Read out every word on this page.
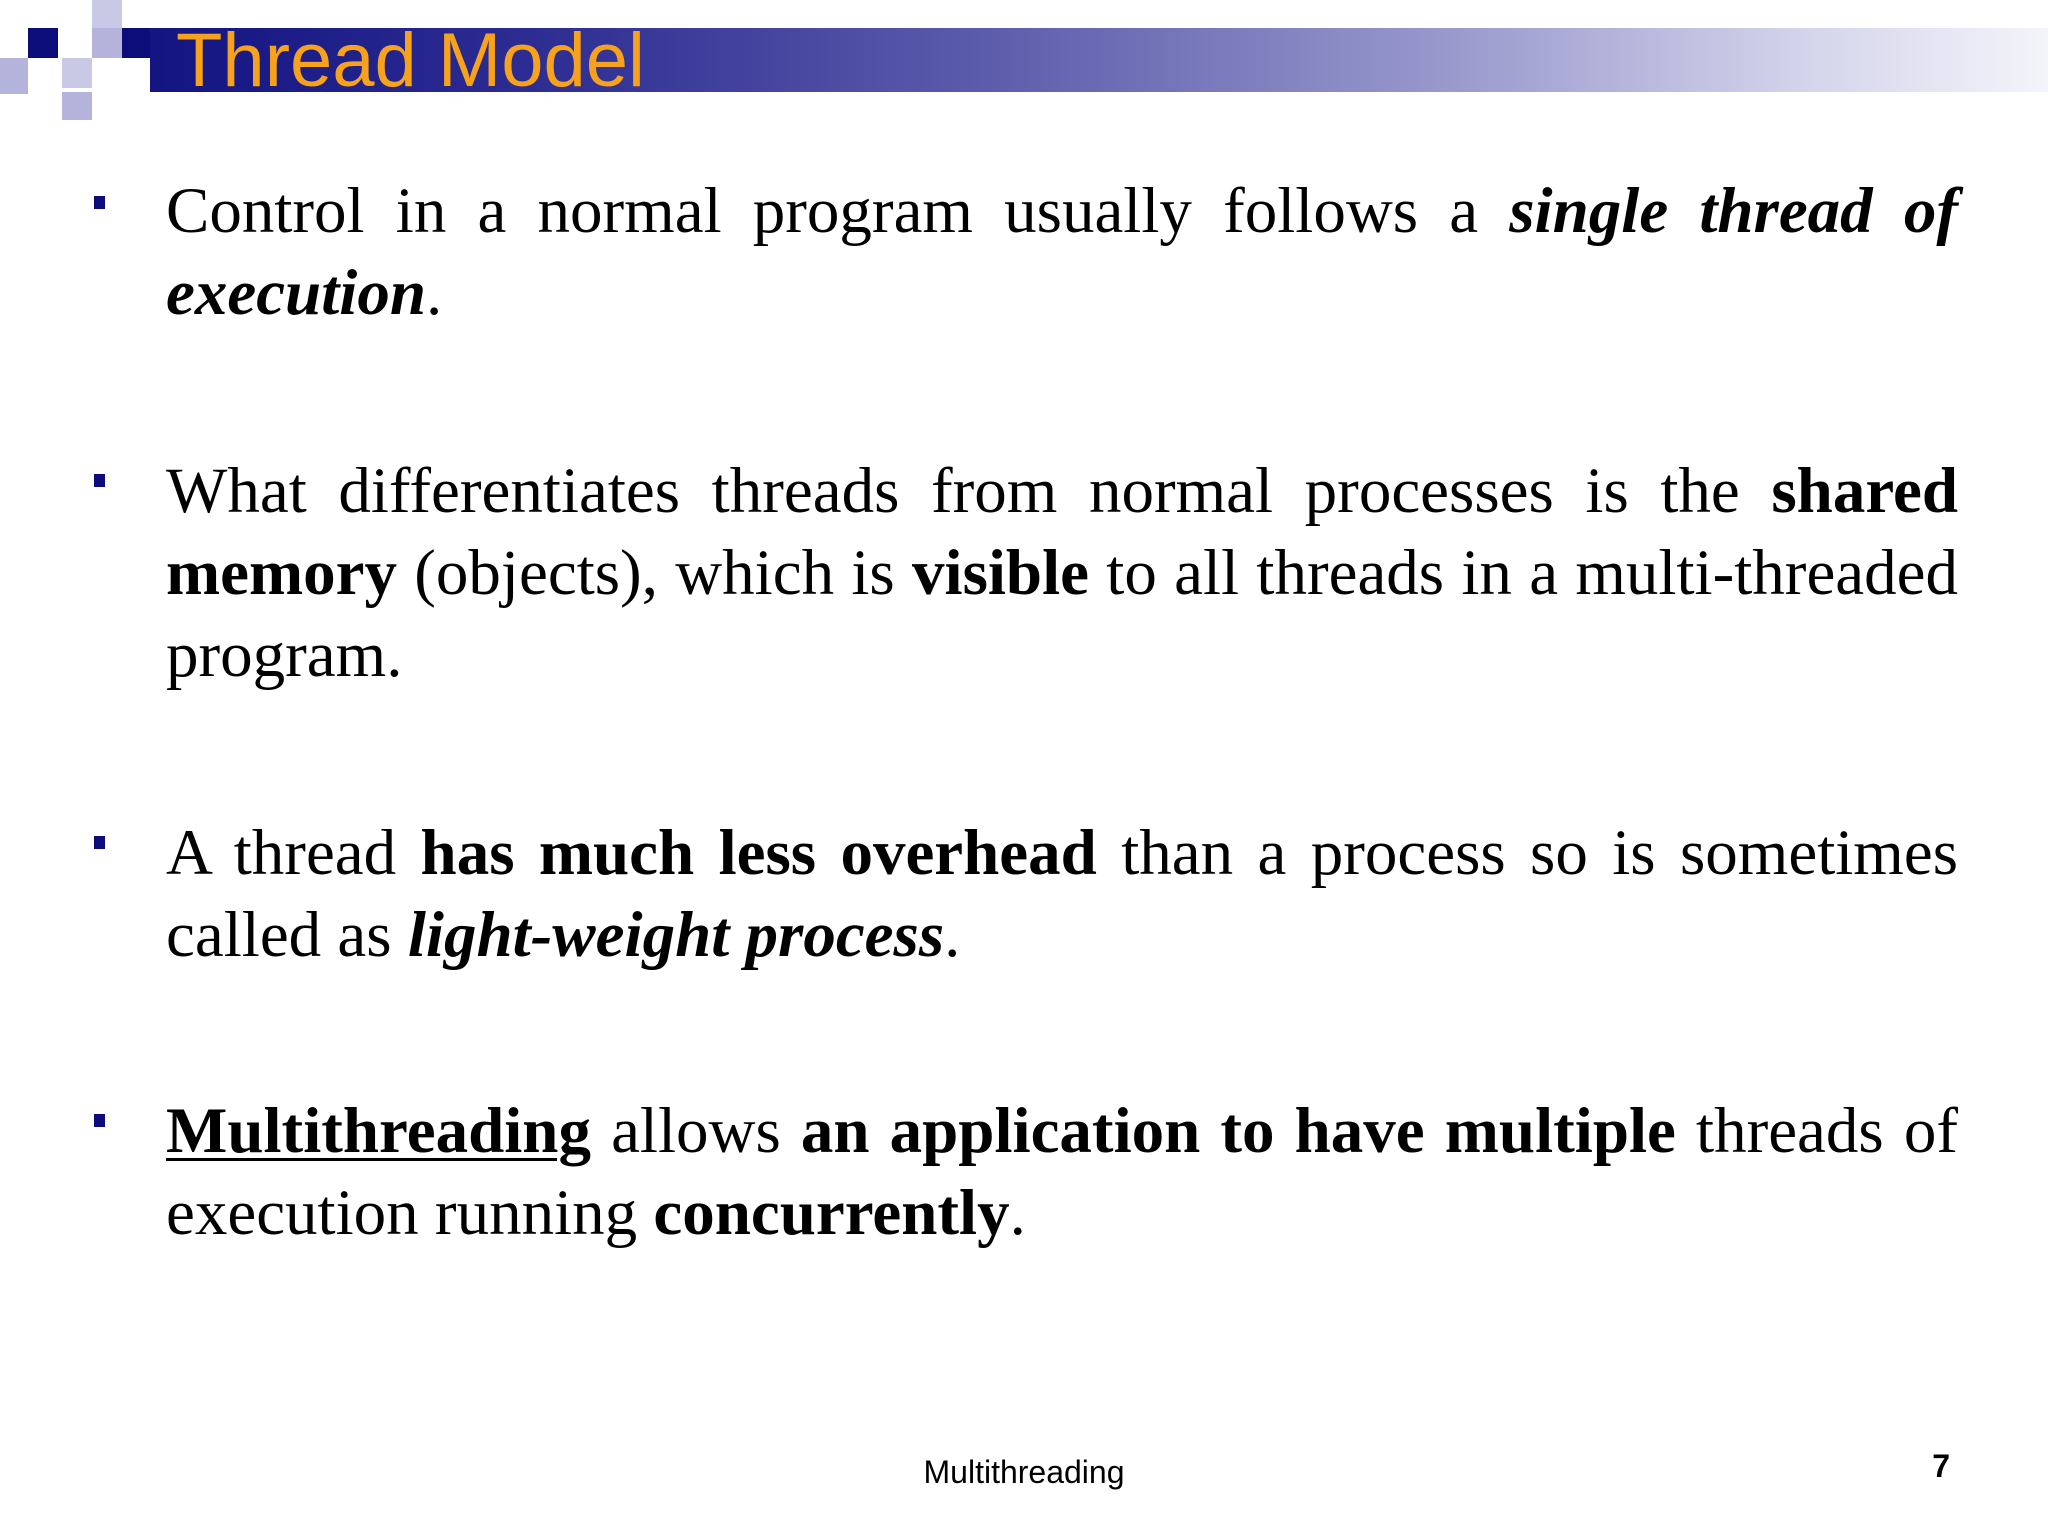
Thread Model
Control in a normal program usually follows a single thread of execution.
What differentiates threads from normal processes is the shared memory (objects), which is visible to all threads in a multi-threaded program.
A thread has much less overhead than a process so is sometimes called as light-weight process.
Multithreading allows an application to have multiple threads of execution running concurrently.
Multithreading	7
